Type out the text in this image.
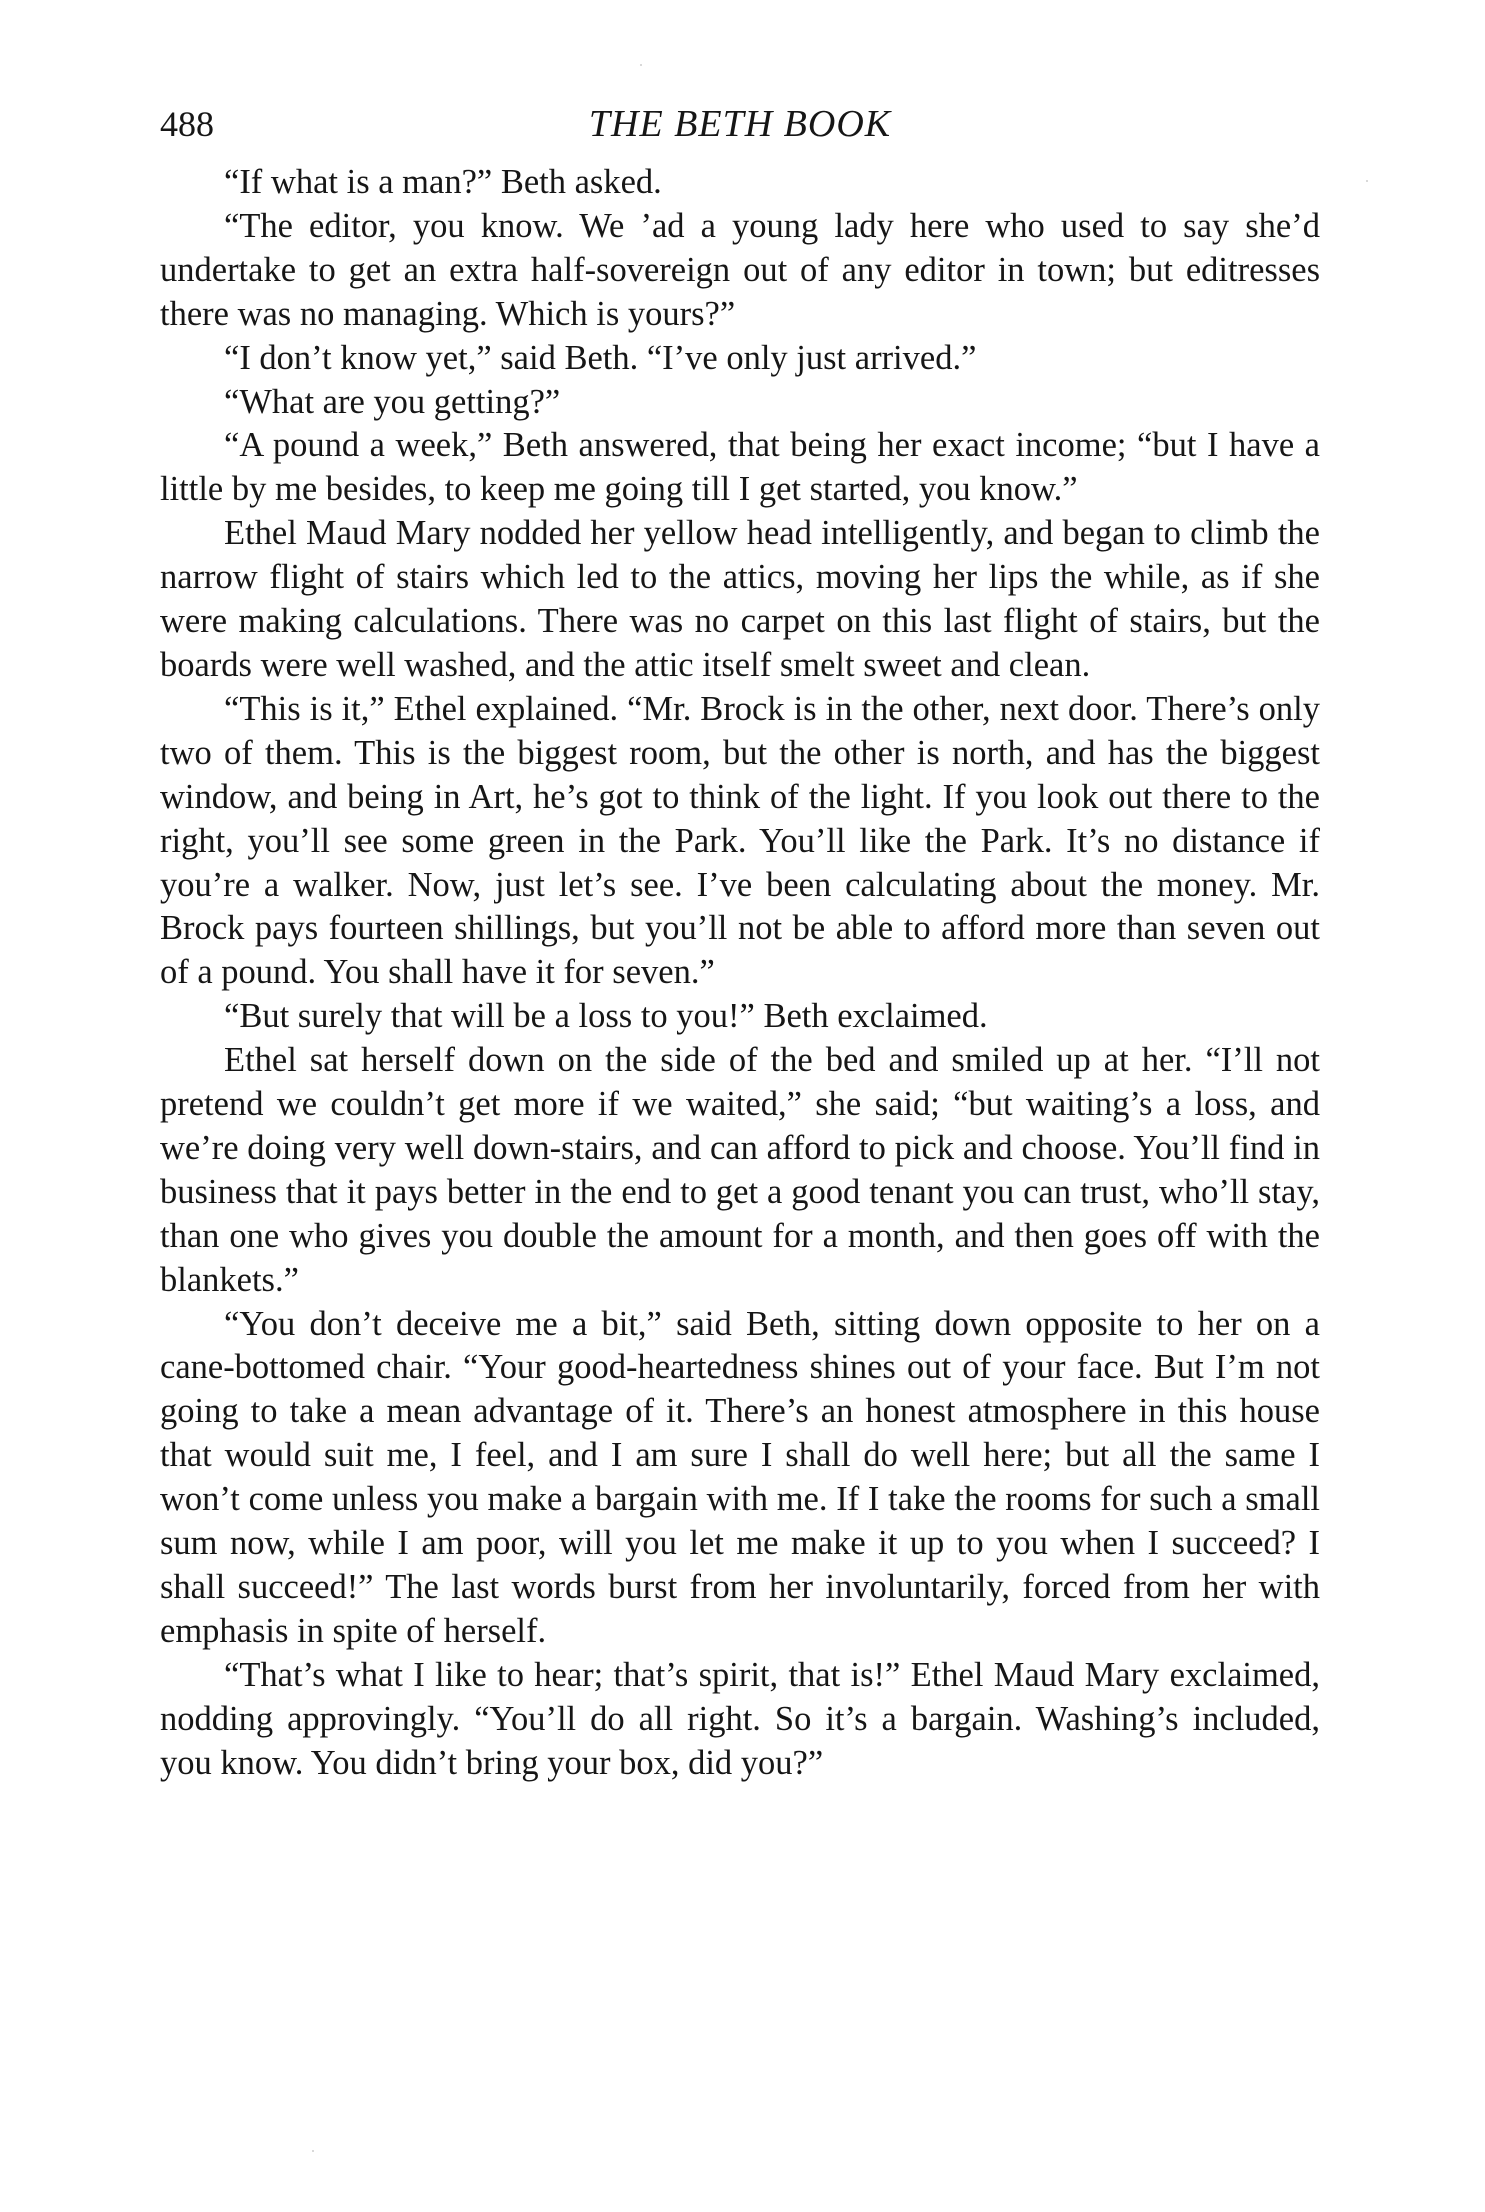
488	THE BETH BOOK

“If what is a man?” Beth asked.

“The editor, you know. We ’ad a young lady here who used to say she’d undertake to get an extra half-sovereign out of any editor in town; but editresses there was no managing. Which is yours?”

“I don’t know yet,” said Beth. “I’ve only just arrived.”

“What are you getting?”

“A pound a week,” Beth answered, that being her exact income; “but I have a little by me besides, to keep me going till I get started, you know.”

Ethel Maud Mary nodded her yellow head intelligently, and began to climb the narrow flight of stairs which led to the attics, moving her lips the while, as if she were making calculations. There was no carpet on this last flight of stairs, but the boards were well washed, and the attic itself smelt sweet and clean.

“This is it,” Ethel explained. “Mr. Brock is in the other, next door. There’s only two of them. This is the biggest room, but the other is north, and has the biggest window, and being in Art, he’s got to think of the light. If you look out there to the right, you’ll see some green in the Park. You’ll like the Park. It’s no distance if you’re a walker. Now, just let’s see. I’ve been calculating about the money. Mr. Brock pays fourteen shillings, but you’ll not be able to afford more than seven out of a pound. You shall have it for seven.”

“But surely that will be a loss to you!” Beth exclaimed.

Ethel sat herself down on the side of the bed and smiled up at her. “I’ll not pretend we couldn’t get more if we waited,” she said; “but waiting’s a loss, and we’re doing very well down-stairs, and can afford to pick and choose. You’ll find in business that it pays better in the end to get a good tenant you can trust, who’ll stay, than one who gives you double the amount for a month, and then goes off with the blankets.”

“You don’t deceive me a bit,” said Beth, sitting down opposite to her on a cane-bottomed chair. “Your good-heartedness shines out of your face. But I’m not going to take a mean advantage of it. There’s an honest atmosphere in this house that would suit me, I feel, and I am sure I shall do well here; but all the same I won’t come unless you make a bargain with me. If I take the rooms for such a small sum now, while I am poor, will you let me make it up to you when I succeed? I shall succeed!” The last words burst from her involuntarily, forced from her with emphasis in spite of herself.

“That’s what I like to hear; that’s spirit, that is!” Ethel Maud Mary exclaimed, nodding approvingly. “You’ll do all right. So it’s a bargain. Washing’s included, you know. You didn’t bring your box, did you?”
